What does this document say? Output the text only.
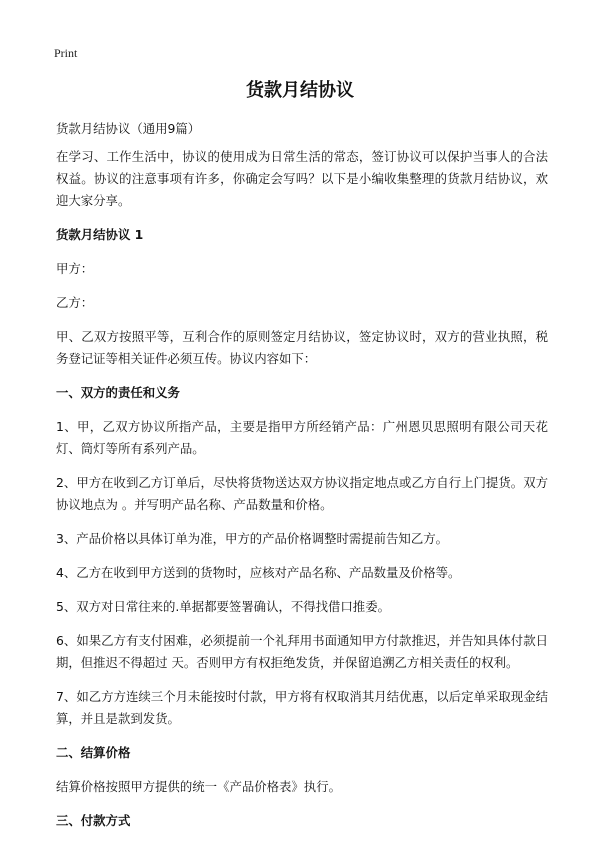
Print
货款月结协议

货款月结协议（通用9篇）

在学习、工作生活中，协议的使用成为日常生活的常态，签订协议可以保护当事人的合法权益。协议的注意事项有许多，你确定会写吗？以下是小编收集整理的货款月结协议，欢迎大家分享。

货款月结协议 1

甲方：

乙方：

甲、乙双方按照平等，互利合作的原则签定月结协议，签定协议时，双方的营业执照，税务登记证等相关证件必须互传。协议内容如下：

一、双方的责任和义务

1、甲，乙双方协议所指产品，主要是指甲方所经销产品：广州恩贝思照明有限公司天花灯、筒灯等所有系列产品。

2、甲方在收到乙方订单后，尽快将货物送达双方协议指定地点或乙方自行上门提货。双方协议地点为 。并写明产品名称、产品数量和价格。

3、产品价格以具体订单为准，甲方的产品价格调整时需提前告知乙方。

4、乙方在收到甲方送到的货物时，应核对产品名称、产品数量及价格等。

5、双方对日常往来的.单据都要签署确认，不得找借口推委。

6、如果乙方有支付困难，必须提前一个礼拜用书面通知甲方付款推迟，并告知具体付款日期，但推迟不得超过 天。否则甲方有权拒绝发货，并保留追溯乙方相关责任的权利。

7、如乙方方连续三个月未能按时付款，甲方将有权取消其月结优惠，以后定单采取现金结算，并且是款到发货。

二、结算价格

结算价格按照甲方提供的统一《产品价格表》执行。

三、付款方式
